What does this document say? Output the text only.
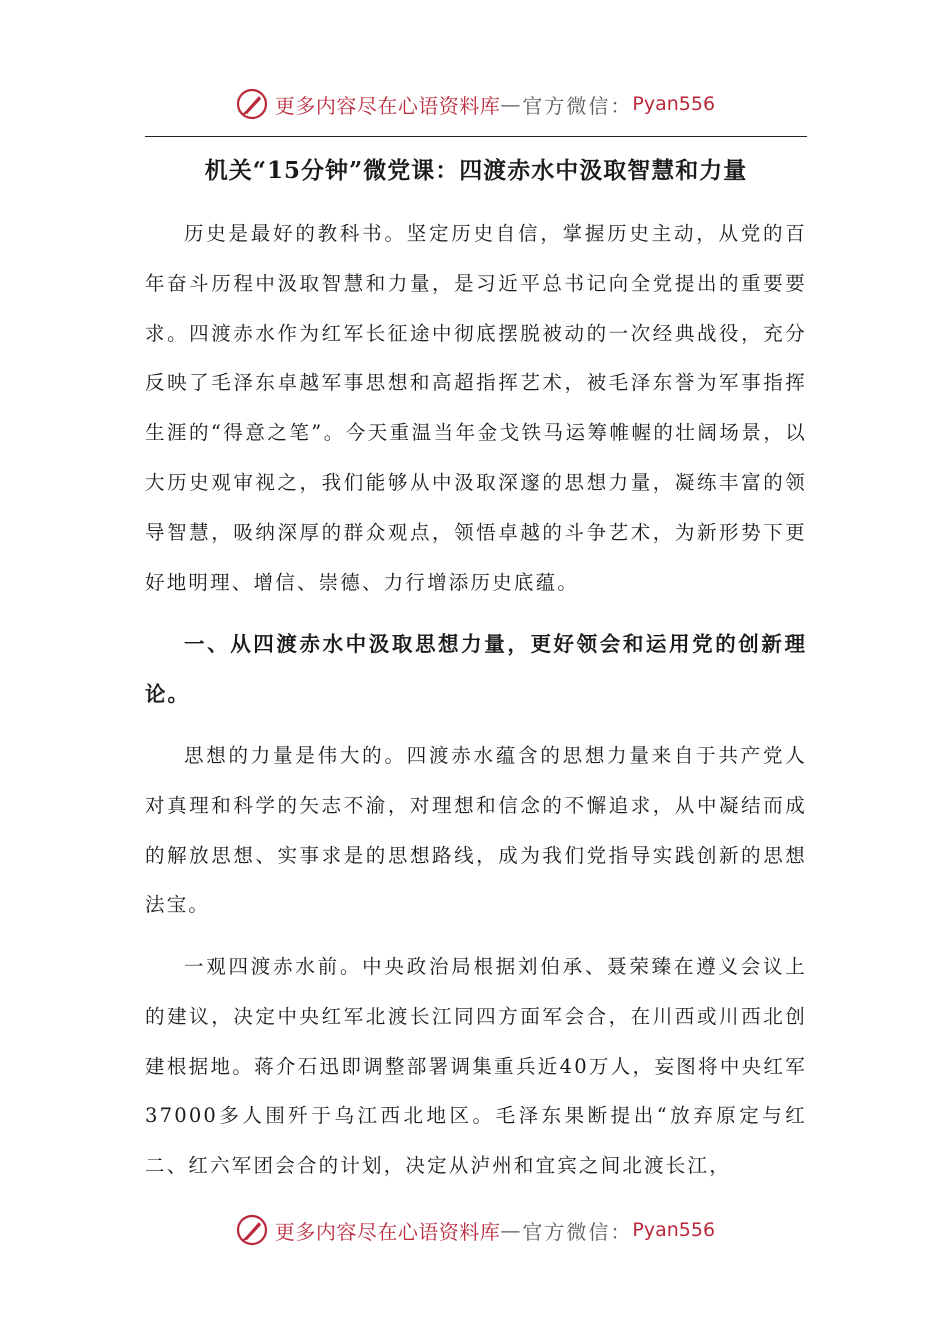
更多内容尽在心语资料库 — 官方微信： Pyan556
机关“15分钟”微党课：四渡赤水中汲取智慧和力量

历史是最好的教科书。坚定历史自信，掌握历史主动，从党的百年奋斗历程中汲取智慧和力量，是习近平总书记向全党提出的重要要求。四渡赤水作为红军长征途中彻底摆脱被动的一次经典战役，充分反映了毛泽东卓越军事思想和高超指挥艺术，被毛泽东誉为军事指挥生涯的“得意之笔”。今天重温当年金戈铁马运筹帷幄的壮阔场景，以大历史观审视之，我们能够从中汲取深邃的思想力量，凝练丰富的领导智慧，吸纳深厚的群众观点，领悟卓越的斗争艺术，为新形势下更好地明理、增信、崇德、力行增添历史底蕴。

一、从四渡赤水中汲取思想力量，更好领会和运用党的创新理论。

思想的力量是伟大的。四渡赤水蕴含的思想力量来自于共产党人对真理和科学的矢志不渝，对理想和信念的不懈追求，从中凝结而成的解放思想、实事求是的思想路线，成为我们党指导实践创新的思想法宝。

一观四渡赤水前。中央政治局根据刘伯承、聂荣臻在遵义会议上的建议，决定中央红军北渡长江同四方面军会合，在川西或川西北创建根据地。蒋介石迅即调整部署调集重兵近40万人，妄图将中央红军37000多人围歼于乌江西北地区。毛泽东果断提出“放弃原定与红二、红六军团会合的计划，决定从泸州和宜宾之间北渡长江，

更多内容尽在心语资料库 — 官方微信： Pyan556
